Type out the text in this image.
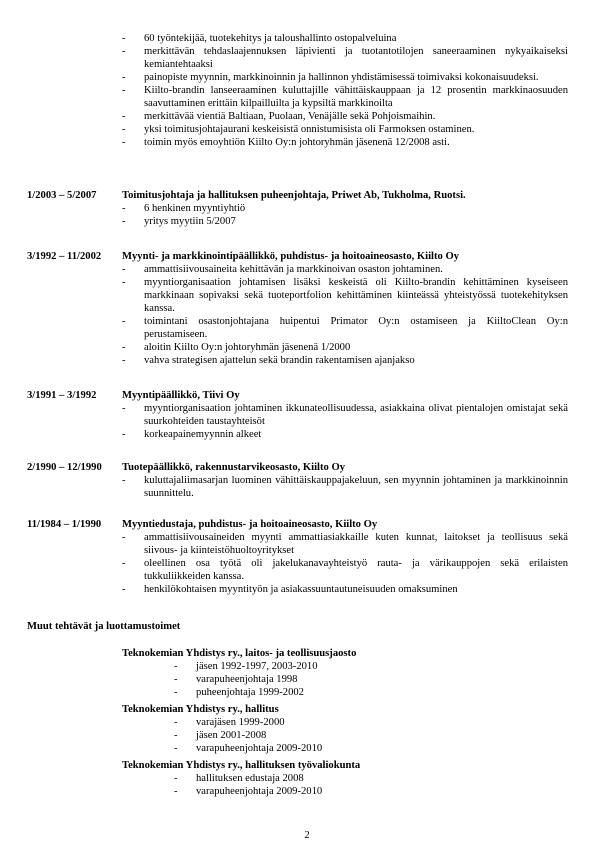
- 60 työntekijää, tuotekehitys ja taloushallinto ostopalveluina
- merkittävän tehdaslaajennuksen läpivienti ja tuotantotilojen saneeraaminen nykyaikaiseksi kemiantehtaaksi
- painopiste myynnin, markkinoinnin ja hallinnon yhdistämisessä toimivaksi kokonaisuudeksi.
- Kiilto-brandin lanseeraaminen kuluttajille vähittäiskauppaan ja 12 prosentin markkinaosuuden saavuttaminen erittäin kilpailluilta ja kypsiltä markkinoilta
- merkittävää vientiä Baltiaan, Puolaan, Venäjälle sekä Pohjoismaihin.
- yksi toimitusjohtajaurani keskeisistä onnistumisista oli Farmoksen ostaminen.
- toimin myös emoyhtiön Kiilto Oy:n johtoryhmän jäsenenä 12/2008 asti.
1/2003 – 5/2007 Toimitusjohtaja ja hallituksen puheenjohtaja, Priwet Ab, Tukholma, Ruotsi.
- 6 henkinen myyntiyhtiö
- yritys myytiin 5/2007
3/1992 – 11/2002 Myynti- ja markkinointipäällikkö, puhdistus- ja hoitoaineosasto, Kiilto Oy
- ammattisiivousaineita kehittävän ja markkinoivan osaston johtaminen.
- myyntiorganisaation johtamisen lisäksi keskeistä oli Kiilto-brandin kehittäminen kyseiseen markkinaan sopivaksi sekä tuoteportfolion kehittäminen kiinteässä yhteistyössä tuotekehityksen kanssa.
- toimintani osastonjohtajana huipentui Primator Oy:n ostamiseen ja KiiltoClean Oy:n perustamiseen.
- aloitin Kiilto Oy:n johtoryhmän jäsenenä 1/2000
- vahva strategisen ajattelun sekä brandin rakentamisen ajanjakso
3/1991 – 3/1992 Myyntipäällikkö, Tiivi Oy
- myyntiorganisaation johtaminen ikkunateollisuudessa, asiakkaina olivat pientalojen omistajat sekä suurkohteiden taustayhteisöt
- korkeapainemyynnin alkeet
2/1990 – 12/1990 Tuotepäällikkö, rakennustarvikeosasto, Kiilto Oy
- kuluttajaliimasarjan luominen vähittäiskauppajakeluun, sen myynnin johtaminen ja markkinoinnin suunnittelu.
11/1984 – 1/1990 Myyntiedustaja, puhdistus- ja hoitoaineosasto, Kiilto Oy
- ammattisiivousaineiden myynti ammattiasiakkaille kuten kunnat, laitokset ja teollisuus sekä siivous- ja kiinteistöhuoltoyritykset
- oleellinen osa työtä oli jakelukanavayhteistyö rauta- ja värikauppojen sekä erilaisten tukkuliikkeiden kanssa.
- henkilökohtaisen myyntityön ja asiakassuuntautuneisuuden omaksuminen
Muut tehtävät ja luottamustoimet
Teknokemian Yhdistys ry., laitos- ja teollisuusjaosto
- jäsen 1992-1997, 2003-2010
- varapuheenjohtaja 1998
- puheenjohtaja 1999-2002
Teknokemian Yhdistys ry., hallitus
- varajäsen 1999-2000
- jäsen 2001-2008
- varapuheenjohtaja 2009-2010
Teknokemian Yhdistys ry., hallituksen työvaliokunta
- hallituksen edustaja 2008
- varapuheenjohtaja 2009-2010
2
